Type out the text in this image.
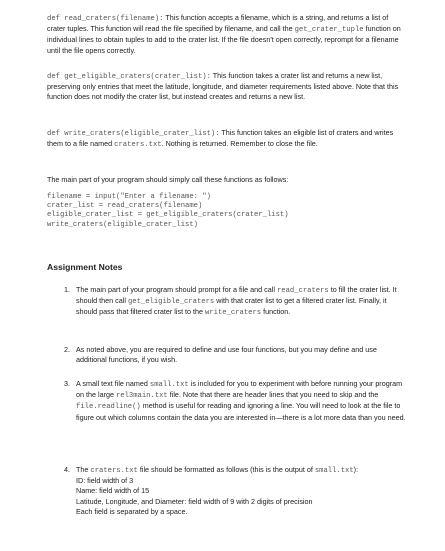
def read_craters(filename): This function accepts a filename, which is a string, and returns a list of crater tuples. This function will read the file specified by filename, and call the get_crater_tuple function on individual lines to obtain tuples to add to the crater list. If the file doesn't open correctly, reprompt for a filename until the file opens correctly.

def get_eligible_craters(crater_list): This function takes a crater list and returns a new list, preserving only entries that meet the latitude, longitude, and diameter requirements listed above. Note that this function does not modify the crater list, but instead creates and returns a new list.

def write_craters(eligible_crater_list): This function takes an eligible list of craters and writes them to a file named craters.txt. Nothing is returned. Remember to close the file.

The main part of your program should simply call these functions as follows:

filename = input("Enter a filename: ")
crater_list = read_craters(filename)
eligible_crater_list = get_eligible_craters(crater_list)
write_craters(eligible_crater_list)
Assignment Notes
1. The main part of your program should prompt for a file and call read_craters to fill the crater list. It should then call get_eligible_craters with that crater list to get a filtered crater list. Finally, it should pass that filtered crater list to the write_craters function.
2. As noted above, you are required to define and use four functions, but you may define and use additional functions, if you wish.
3. A small text file named small.txt is included for you to experiment with before running your program on the large rel3main.txt file. Note that there are header lines that you need to skip and the file.readline() method is useful for reading and ignoring a line. You will need to look at the file to figure out which columns contain the data you are interested in—there is a lot more data than you need.
4. The craters.txt file should be formatted as follows (this is the output of small.txt):
ID: field width of 3
Name: field width of 15
Latitude, Longitude, and Diameter: field width of 9 with 2 digits of precision
Each field is separated by a space.
